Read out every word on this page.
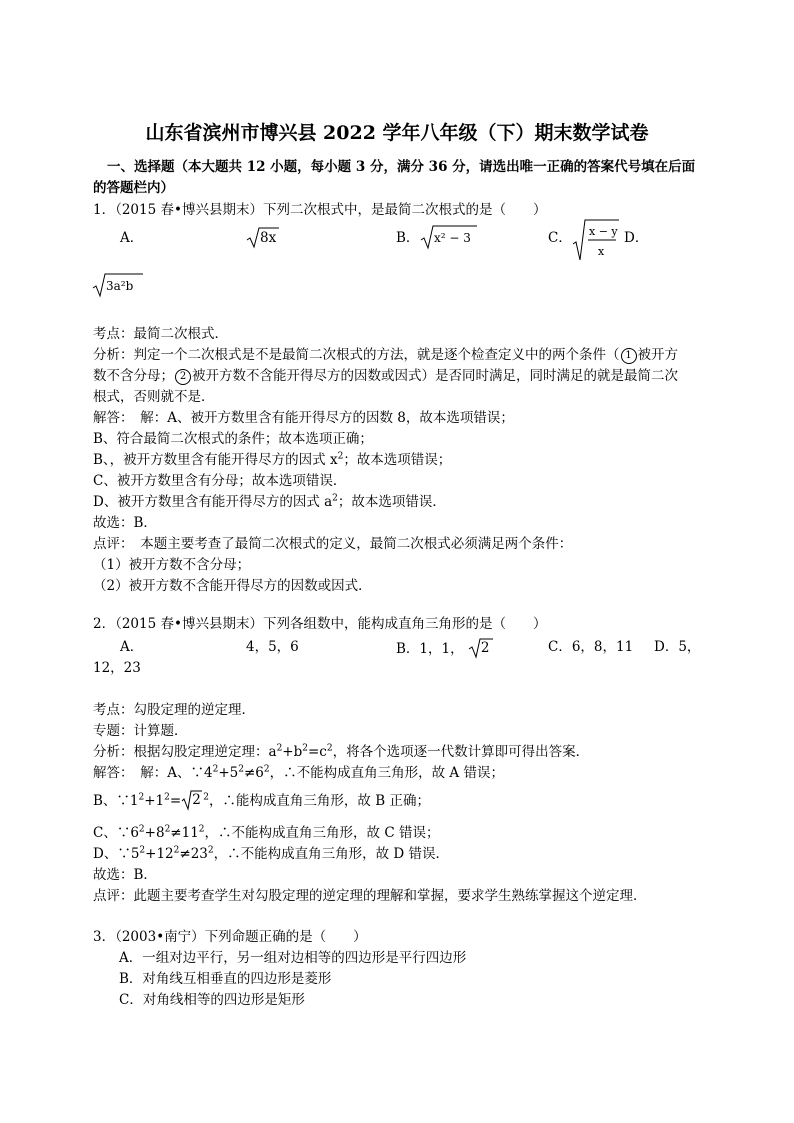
山东省滨州市博兴县 2022 学年八年级（下）期末数学试卷
一、选择题（本大题共 12 小题，每小题 3 分，满分 36 分，请选出唯一正确的答案代号填在后面的答题栏内）
1．（2015 春•博兴县期末）下列二次根式中，是最简二次根式的是（　　）
A．	8x	B． x² − 3	C． x − y
x
D．
3a²b
考点：最简二次根式．
分析：判定一个二次根式是不是最简二次根式的方法，就是逐个检查定义中的两个条件（ 1 被开方
数不含分母； 2 被开方数不含能开得尽方的因数或因式）是否同时满足，同时满足的就是最简二次
根式，否则就不是．
解答：　解：A、被开方数里含有能开得尽方的因数 8，故本选项错误；
B、符合最简二次根式的条件；故本选项正确；
B、，被开方数里含有能开得尽方的因式 $x^2$；故本选项错误；
C、被开方数里含有分母；故本选项错误．
D、被开方数里含有能开得尽方的因式 $a^2$；故本选项错误．
故选：B．
点评：　本题主要考查了最简二次根式的定义，最简二次根式必须满足两个条件：
（1）被开方数不含分母；
（2）被开方数不含能开得尽方的因数或因式．
2．（2015 春•博兴县期末）下列各组数中，能构成直角三角形的是（　　）
A．	4，5，6	B．1，1， 2	C．6，8，11 D．5，
12，23
考点：勾股定理的逆定理．
专题：计算题．
分析：根据勾股定理逆定理：$a^2+b^2=c^2$，将各个选项逐一代数计算即可得出答案．
解答：　解：A、$\because 4^2+5^2\ne 6^2$，∴不能构成直角三角形，故 A 错误；
B、$\because 1^2+1^2= 2$ $^2$，∴能构成直角三角形，故 B 正确；
C、$\because 6^2+8^2\ne 11^2$，∴不能构成直角三角形，故 C 错误；
D、$\because 5^2+12^2\ne 23^2$，∴不能构成直角三角形，故 D 错误．
故选：B．
点评：此题主要考查学生对勾股定理的逆定理的理解和掌握，要求学生熟练掌握这个逆定理．
3．（2003•南宁）下列命题正确的是（　　）
A．一组对边平行，另一组对边相等的四边形是平行四边形
B．对角线互相垂直的四边形是菱形
C．对角线相等的四边形是矩形
